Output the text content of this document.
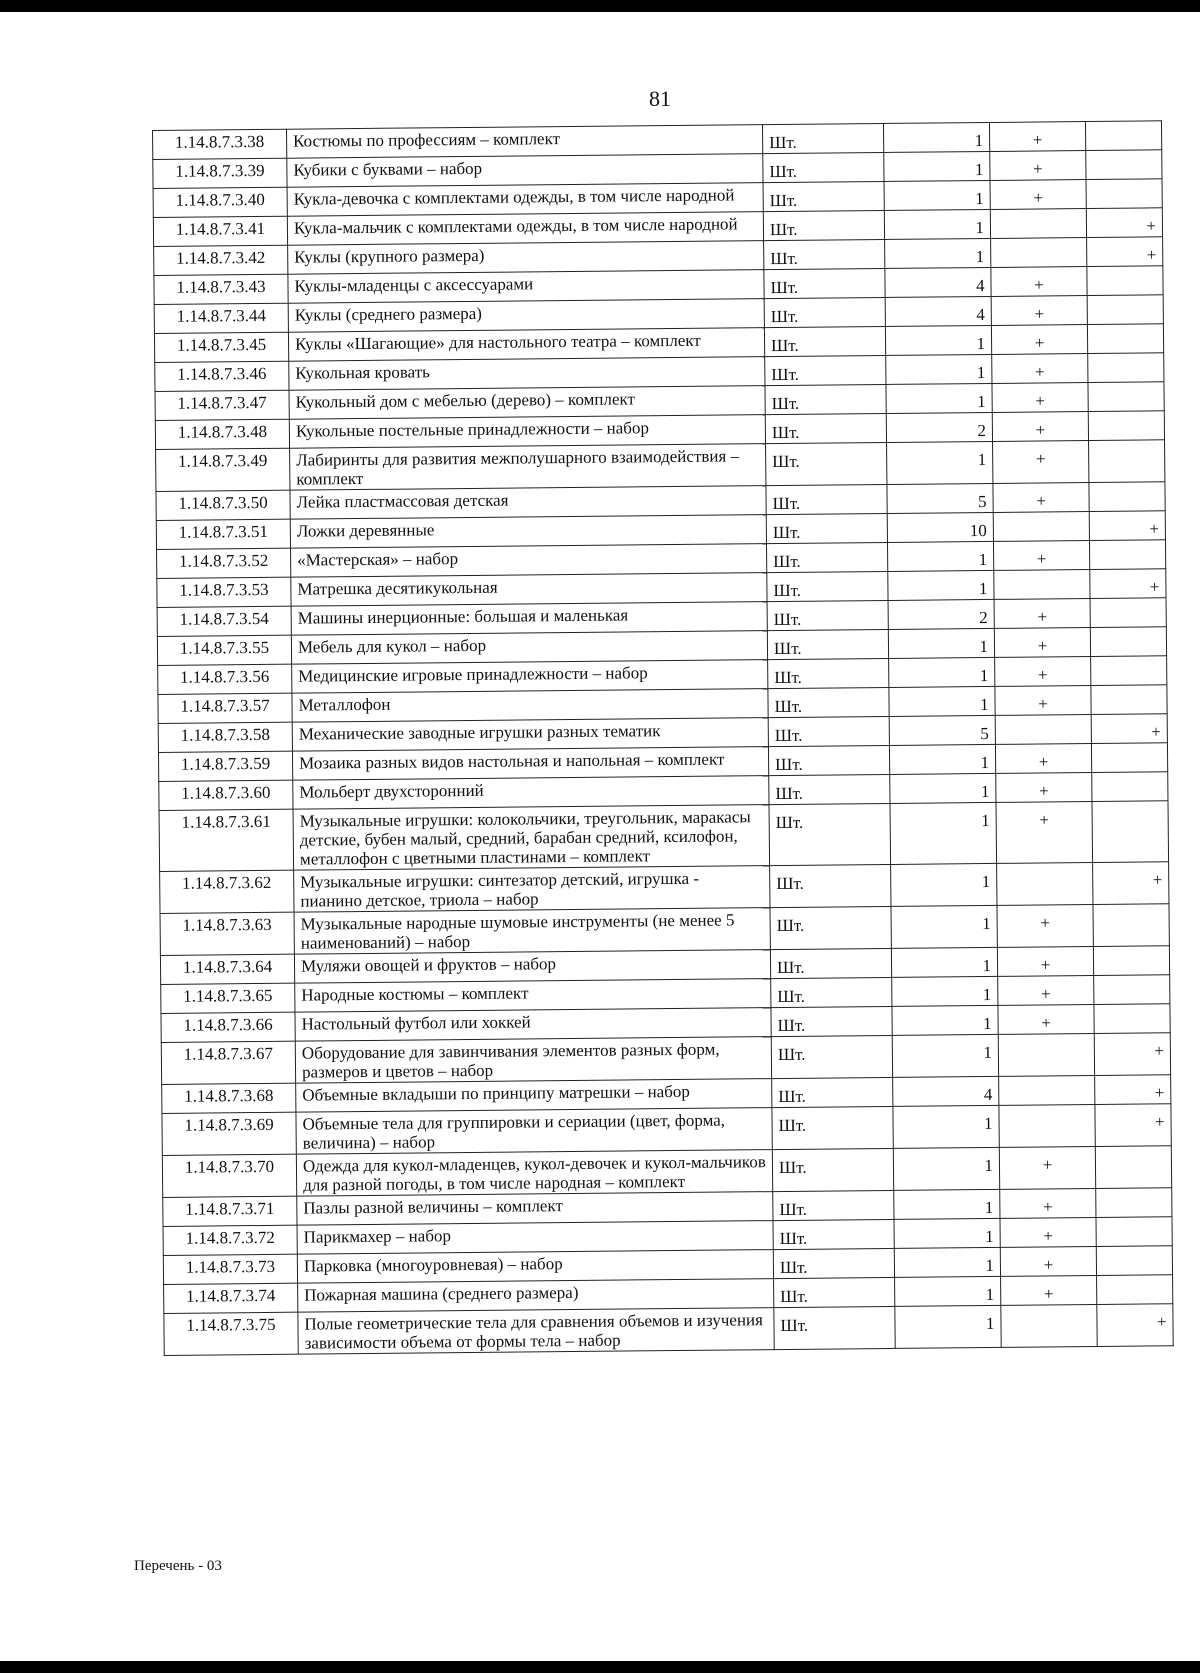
81
1.14.8.7.3.38	Костюмы по профессиям – комплект	Шт.	1	+	
1.14.8.7.3.39	Кубики с буквами – набор	Шт.	1	+	
1.14.8.7.3.40	Кукла-девочка с комплектами одежды, в том числе народной	Шт.	1	+	
1.14.8.7.3.41	Кукла-мальчик с комплектами одежды, в том числе народной	Шт.	1		+
1.14.8.7.3.42	Куклы (крупного размера)	Шт.	1		+
1.14.8.7.3.43	Куклы-младенцы с аксессуарами	Шт.	4	+	
1.14.8.7.3.44	Куклы (среднего размера)	Шт.	4	+	
1.14.8.7.3.45	Куклы «Шагающие» для настольного театра – комплект	Шт.	1	+	
1.14.8.7.3.46	Кукольная кровать	Шт.	1	+	
1.14.8.7.3.47	Кукольный дом с мебелью (дерево) – комплект	Шт.	1	+	
1.14.8.7.3.48	Кукольные постельные принадлежности – набор	Шт.	2	+	
1.14.8.7.3.49	Лабиринты для развития межполушарного взаимодействия – комплект	Шт.	1	+	
1.14.8.7.3.50	Лейка пластмассовая детская	Шт.	5	+	
1.14.8.7.3.51	Ложки деревянные	Шт.	10		+
1.14.8.7.3.52	«Мастерская» – набор	Шт.	1	+	
1.14.8.7.3.53	Матрешка десятикукольная	Шт.	1		+
1.14.8.7.3.54	Машины инерционные: большая и маленькая	Шт.	2	+	
1.14.8.7.3.55	Мебель для кукол – набор	Шт.	1	+	
1.14.8.7.3.56	Медицинские игровые принадлежности – набор	Шт.	1	+	
1.14.8.7.3.57	Металлофон	Шт.	1	+	
1.14.8.7.3.58	Механические заводные игрушки разных тематик	Шт.	5		+
1.14.8.7.3.59	Мозаика разных видов настольная и напольная – комплект	Шт.	1	+	
1.14.8.7.3.60	Мольберт двухсторонний	Шт.	1	+	
1.14.8.7.3.61	Музыкальные игрушки: колокольчики, треугольник, маракасы детские, бубен малый, средний, барабан средний, ксилофон, металлофон с цветными пластинами – комплект	Шт.	1	+	
1.14.8.7.3.62	Музыкальные игрушки: синтезатор детский, игрушка - пианино детское, триола – набор	Шт.	1		+
1.14.8.7.3.63	Музыкальные народные шумовые инструменты (не менее 5 наименований) – набор	Шт.	1	+	
1.14.8.7.3.64	Муляжи овощей и фруктов – набор	Шт.	1	+	
1.14.8.7.3.65	Народные костюмы – комплект	Шт.	1	+	
1.14.8.7.3.66	Настольный футбол или хоккей	Шт.	1	+	
1.14.8.7.3.67	Оборудование для завинчивания элементов разных форм, размеров и цветов – набор	Шт.	1		+
1.14.8.7.3.68	Объемные вкладыши по принципу матрешки – набор	Шт.	4		+
1.14.8.7.3.69	Объемные тела для группировки и сериации (цвет, форма, величина) – набор	Шт.	1		+
1.14.8.7.3.70	Одежда для кукол-младенцев, кукол-девочек и кукол-мальчиков для разной погоды, в том числе народная – комплект	Шт.	1	+	
1.14.8.7.3.71	Пазлы разной величины – комплект	Шт.	1	+	
1.14.8.7.3.72	Парикмахер – набор	Шт.	1	+	
1.14.8.7.3.73	Парковка (многоуровневая) – набор	Шт.	1	+	
1.14.8.7.3.74	Пожарная машина (среднего размера)	Шт.	1	+	
1.14.8.7.3.75	Полые геометрические тела для сравнения объемов и изучения зависимости объема от формы тела – набор	Шт.	1		+
Перечень - 03
